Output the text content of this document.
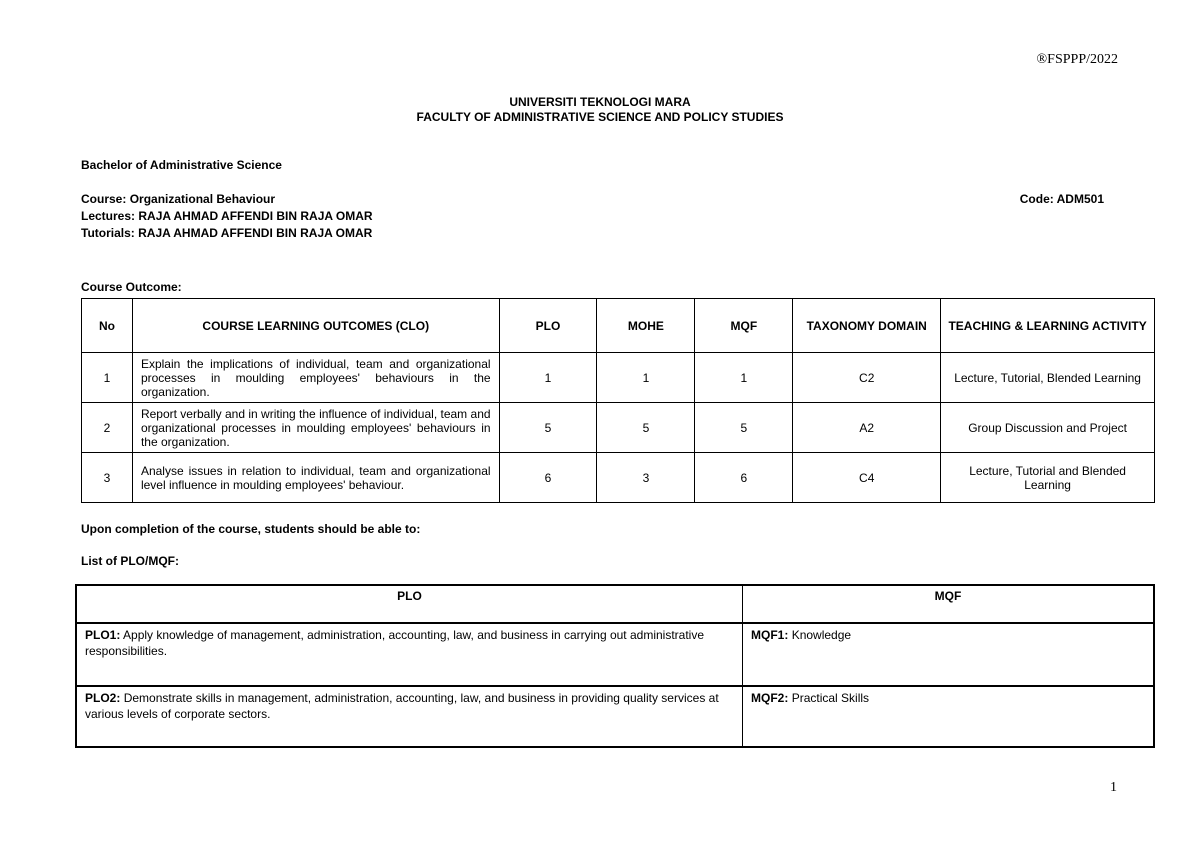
®FSPPP/2022
UNIVERSITI TEKNOLOGI MARA
FACULTY OF ADMINISTRATIVE SCIENCE AND POLICY STUDIES
Bachelor of Administrative Science
Course: Organizational Behaviour
Lectures: RAJA AHMAD AFFENDI BIN RAJA OMAR
Tutorials: RAJA AHMAD AFFENDI BIN RAJA OMAR
Code: ADM501
Course Outcome:
No	COURSE LEARNING OUTCOMES (CLO)	PLO	MOHE	MQF	TAXONOMY DOMAIN	TEACHING & LEARNING ACTIVITY
1	Explain the implications of individual, team and organizational processes in moulding employees' behaviours in the organization.	1	1	1	C2	Lecture, Tutorial, Blended Learning
2	Report verbally and in writing the influence of individual, team and organizational processes in moulding employees' behaviours in the organization.	5	5	5	A2	Group Discussion and Project
3	Analyse issues in relation to individual, team and organizational level influence in moulding employees' behaviour.	6	3	6	C4	Lecture, Tutorial and Blended Learning
Upon completion of the course, students should be able to:
List of PLO/MQF:
PLO	MQF
PLO1: Apply knowledge of management, administration, accounting, law, and business in carrying out administrative responsibilities.	MQF1: Knowledge
PLO2: Demonstrate skills in management, administration, accounting, law, and business in providing quality services at various levels of corporate sectors.	MQF2: Practical Skills
1
